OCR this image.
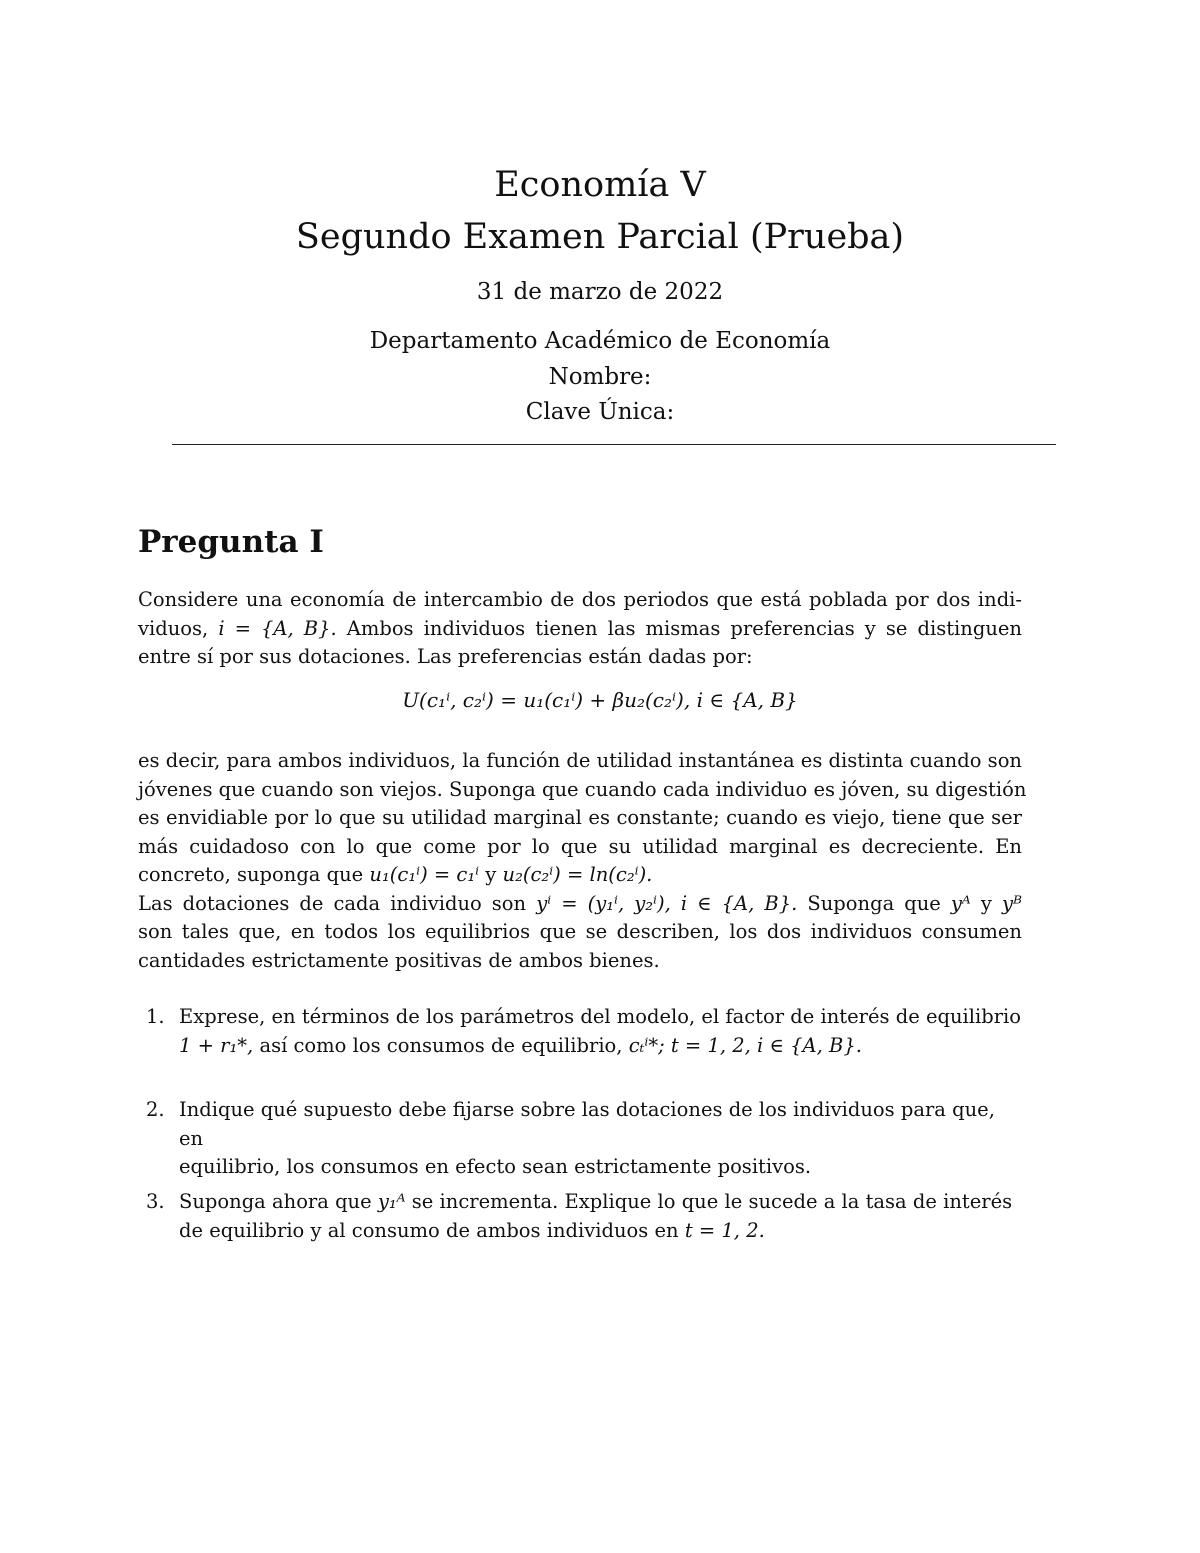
Economía V
Segundo Examen Parcial (Prueba)
31 de marzo de 2022
Departamento Académico de Economía
Nombre:
Clave Única:
Pregunta I
Considere una economía de intercambio de dos periodos que está poblada por dos indi-
viduos, i = {A, B}. Ambos individuos tienen las mismas preferencias y se distinguen
entre sí por sus dotaciones. Las preferencias están dadas por:
U(c₁ⁱ, c₂ⁱ) = u₁(c₁ⁱ) + βu₂(c₂ⁱ), i ∈ {A, B}
es decir, para ambos individuos, la función de utilidad instantánea es distinta cuando son
jóvenes que cuando son viejos. Suponga que cuando cada individuo es jóven, su digestión
es envidiable por lo que su utilidad marginal es constante; cuando es viejo, tiene que ser
más cuidadoso con lo que come por lo que su utilidad marginal es decreciente. En
concreto, suponga que u₁(c₁ⁱ) = c₁ⁱ y u₂(c₂ⁱ) = ln(c₂ⁱ).
Las dotaciones de cada individuo son yⁱ = (y₁ⁱ, y₂ⁱ), i ∈ {A, B}. Suponga que yᴬ y yᴮ
son tales que, en todos los equilibrios que se describen, los dos individuos consumen
cantidades estrictamente positivas de ambos bienes.
1. Exprese, en términos de los parámetros del modelo, el factor de interés de equilibrio
1 + r₁*, así como los consumos de equilibrio, cₜⁱ*; t = 1, 2, i ∈ {A, B}.
2. Indique qué supuesto debe fijarse sobre las dotaciones de los individuos para que, en
equilibrio, los consumos en efecto sean estrictamente positivos.
3. Suponga ahora que y₁ᴬ se incrementa. Explique lo que le sucede a la tasa de interés
de equilibrio y al consumo de ambos individuos en t = 1, 2.
